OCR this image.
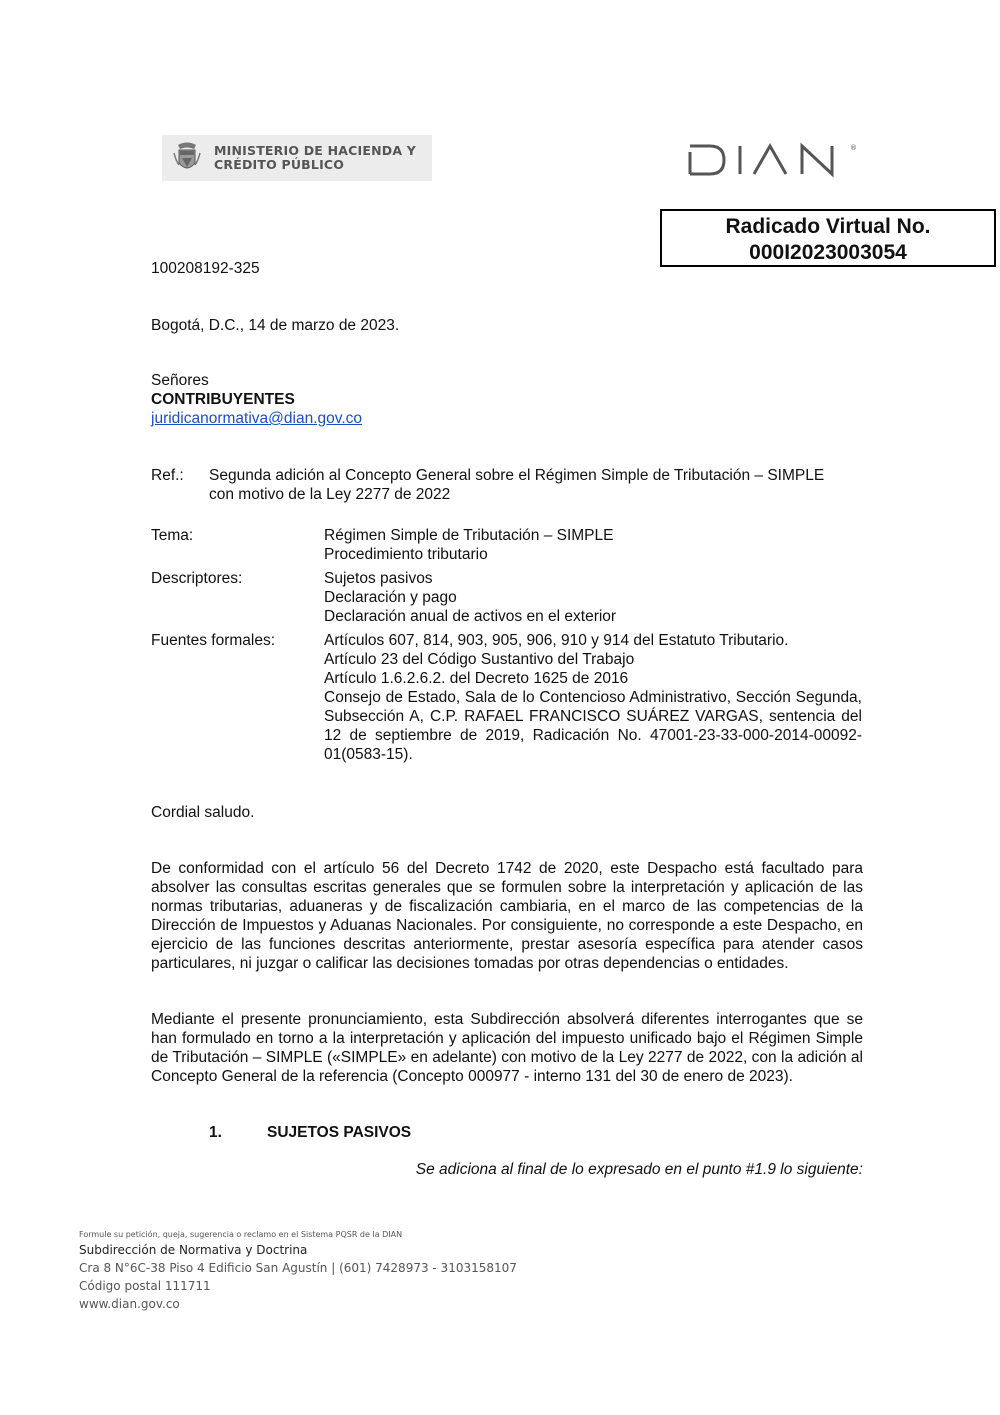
MINISTERIO DE HACIENDA Y
CRÉDITO PÚBLICO
®
Radicado Virtual No.
000I2023003054
100208192-325
Bogotá, D.C., 14 de marzo de 2023.
Señores
CONTRIBUYENTES
juridicanormativa@dian.gov.co
Ref.:	Segunda adición al Concepto General sobre el Régimen Simple de Tributación – SIMPLE
con motivo de la Ley 2277 de 2022
Tema:	Régimen Simple de Tributación – SIMPLE
Procedimiento tributario
Descriptores:	Sujetos pasivos
Declaración y pago
Declaración anual de activos en el exterior
Fuentes formales:	Artículos 607, 814, 903, 905, 906, 910 y 914 del Estatuto Tributario.
Artículo 23 del Código Sustantivo del Trabajo
Artículo 1.6.2.6.2. del Decreto 1625 de 2016
Consejo de Estado, Sala de lo Contencioso Administrativo, Sección Segunda, Subsección A, C.P. RAFAEL FRANCISCO SUÁREZ VARGAS, sentencia del 12 de septiembre de 2019, Radicación No. 47001-23-33-000-2014-00092-01(0583-15).
Cordial saludo.
De conformidad con el artículo 56 del Decreto 1742 de 2020, este Despacho está facultado para absolver las consultas escritas generales que se formulen sobre la interpretación y aplicación de las normas tributarias, aduaneras y de fiscalización cambiaria, en el marco de las competencias de la Dirección de Impuestos y Aduanas Nacionales. Por consiguiente, no corresponde a este Despacho, en ejercicio de las funciones descritas anteriormente, prestar asesoría específica para atender casos particulares, ni juzgar o calificar las decisiones tomadas por otras dependencias o entidades.
Mediante el presente pronunciamiento, esta Subdirección absolverá diferentes interrogantes que se han formulado en torno a la interpretación y aplicación del impuesto unificado bajo el Régimen Simple de Tributación – SIMPLE («SIMPLE» en adelante) con motivo de la Ley 2277 de 2022, con la adición al Concepto General de la referencia (Concepto 000977 - interno 131 del 30 de enero de 2023).
1.	SUJETOS PASIVOS
Se adiciona al final de lo expresado en el punto #1.9 lo siguiente:
Formule su petición, queja, sugerencia o reclamo en el Sistema PQSR de la DIAN
Subdirección de Normativa y Doctrina
Cra 8 N°6C-38 Piso 4 Edificio San Agustín | (601) 7428973 - 3103158107
Código postal 111711
www.dian.gov.co
